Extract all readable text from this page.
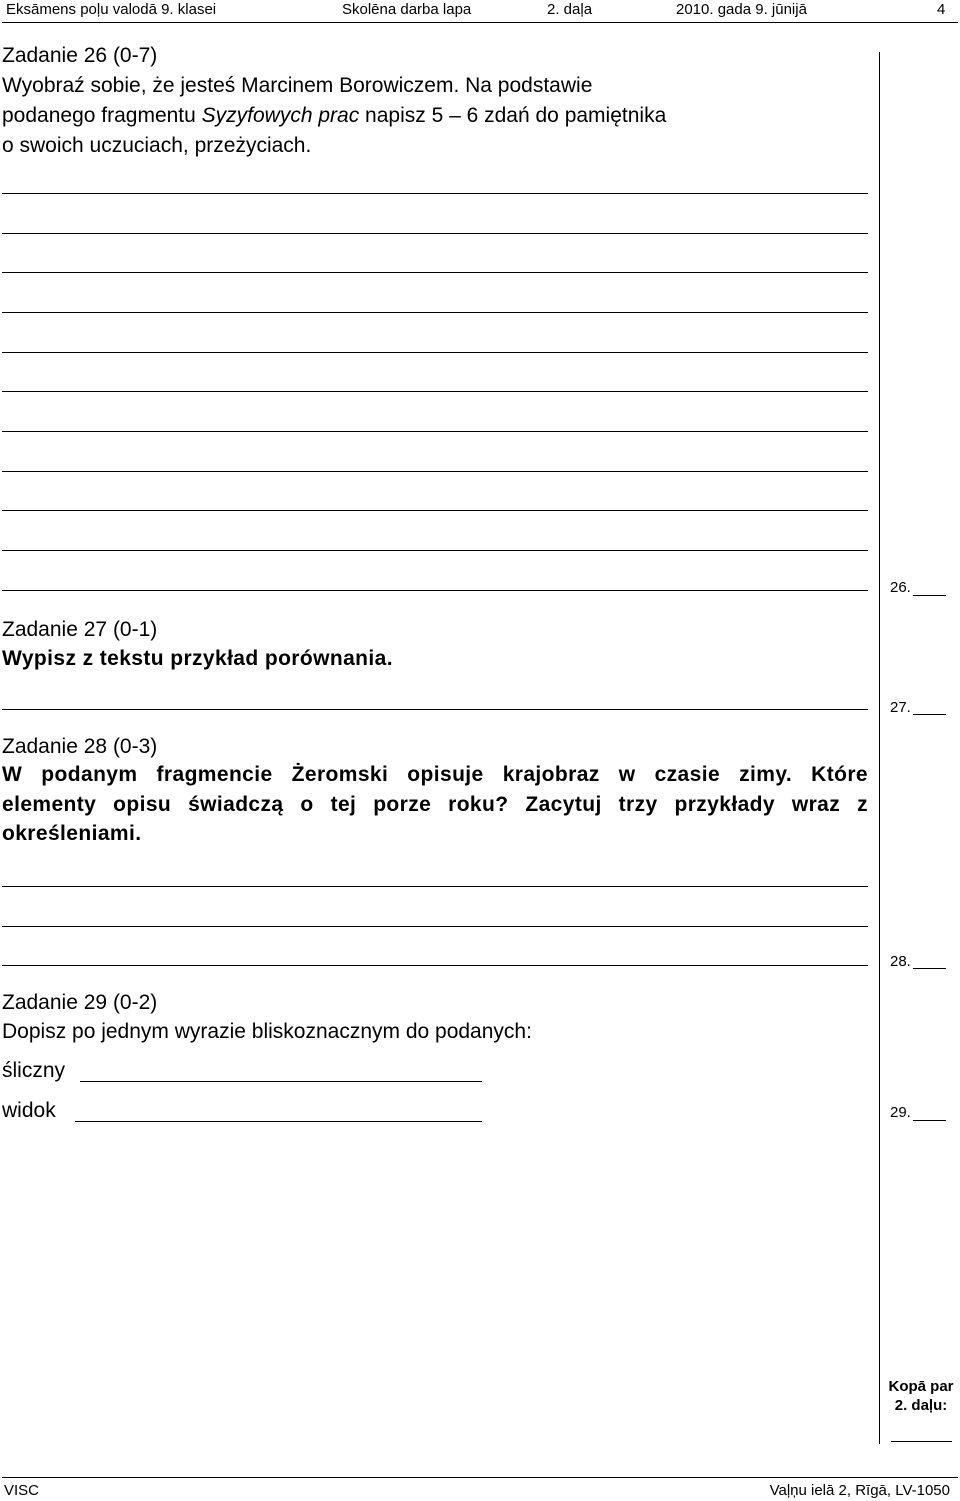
Eksāmens poļu valodā 9. klasei	Skolēna darba lapa	2. daļa	2010. gada 9. jūnijā	4
Zadanie 26 (0-7)
Wyobraź sobie, że jesteś Marcinem Borowiczem. Na podstawie
podanego fragmentu Syzyfowych prac napisz 5 – 6 zdań do pamiętnika
o swoich uczuciach, przeżyciach.
26.
Zadanie 27 (0-1)
Wypisz z tekstu przykład porównania.
27.
Zadanie 28 (0-3)
W podanym fragmencie Żeromski opisuje krajobraz w czasie zimy. Które
elementy opisu świadczą o tej porze roku? Zacytuj trzy przykłady wraz z
określeniami.
28.
Zadanie 29 (0-2)
Dopisz po jednym wyrazie bliskoznacznym do podanych:
śliczny
widok	29.
Kopā par
2. daļu:
VISC	Vaļņu ielā 2, Rīgā, LV-1050
